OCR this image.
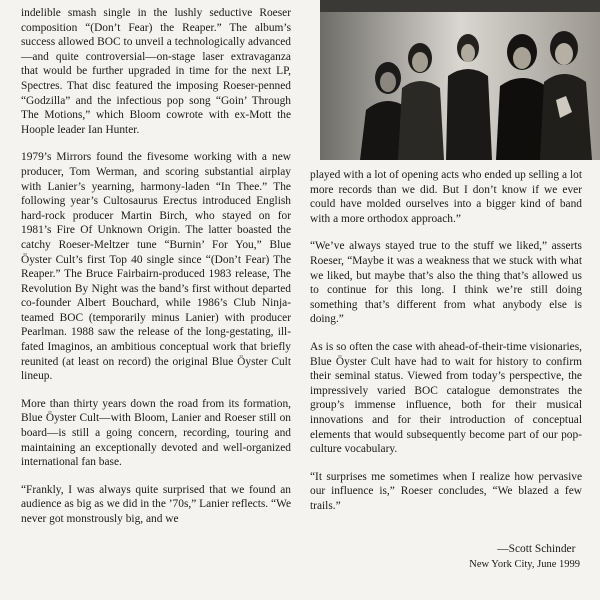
indelible smash single in the lushly seductive Roeser composition “(Don’t Fear) the Reaper.” The album’s success allowed BOC to unveil a technologically advanced—and quite controversial—on-stage laser extravaganza that would be further upgraded in time for the next LP, Spectres. That disc featured the imposing Roeser-penned “Godzilla” and the infectious pop song “Goin’ Through The Motions,” which Bloom cowrote with ex-Mott the Hoople leader Ian Hunter.

1979’s Mirrors found the fivesome working with a new producer, Tom Werman, and scoring substantial airplay with Lanier’s yearning, harmony-laden “In Thee.” The following year’s Cultosaurus Erectus introduced English hard-rock producer Martin Birch, who stayed on for 1981’s Fire Of Unknown Origin. The latter boasted the catchy Roeser-Meltzer tune “Burnin’ For You,” Blue Öyster Cult’s first Top 40 single since “(Don’t Fear) The Reaper.” The Bruce Fairbairn-produced 1983 release, The Revolution By Night was the band’s first without departed co-founder Albert Bouchard, while 1986’s Club Ninja-teamed BOC (temporarily minus Lanier) with producer Pearlman. 1988 saw the release of the long-gestating, ill-fated Imaginos, an ambitious conceptual work that briefly reunited (at least on record) the original Blue Öyster Cult lineup.

More than thirty years down the road from its formation, Blue Öyster Cult—with Bloom, Lanier and Roeser still on board—is still a going concern, recording, touring and maintaining an exceptionally devoted and well-organized international fan base.

“Frankly, I was always quite surprised that we found an audience as big as we did in the ’70s,” Lanier reflects. “We never got monstrously big, and we

played with a lot of opening acts who ended up selling a lot more records than we did. But I don’t know if we ever could have molded ourselves into a bigger kind of band with a more orthodox approach.”

“We’ve always stayed true to the stuff we liked,” asserts Roeser, “Maybe it was a weakness that we stuck with what we liked, but maybe that’s also the thing that’s allowed us to continue for this long. I think we’re still doing something that’s different from what anybody else is doing.”

As is so often the case with ahead-of-their-time visionaries, Blue Öyster Cult have had to wait for history to confirm their seminal status. Viewed from today’s perspective, the impressively varied BOC catalogue demonstrates the group’s immense influence, both for their musical innovations and for their introduction of conceptual elements that would subsequently become part of our pop-culture vocabulary.

“It surprises me sometimes when I realize how pervasive our influence is,” Roeser concludes, “We blazed a few trails.”

—Scott Schinder
New York City, June 1999
